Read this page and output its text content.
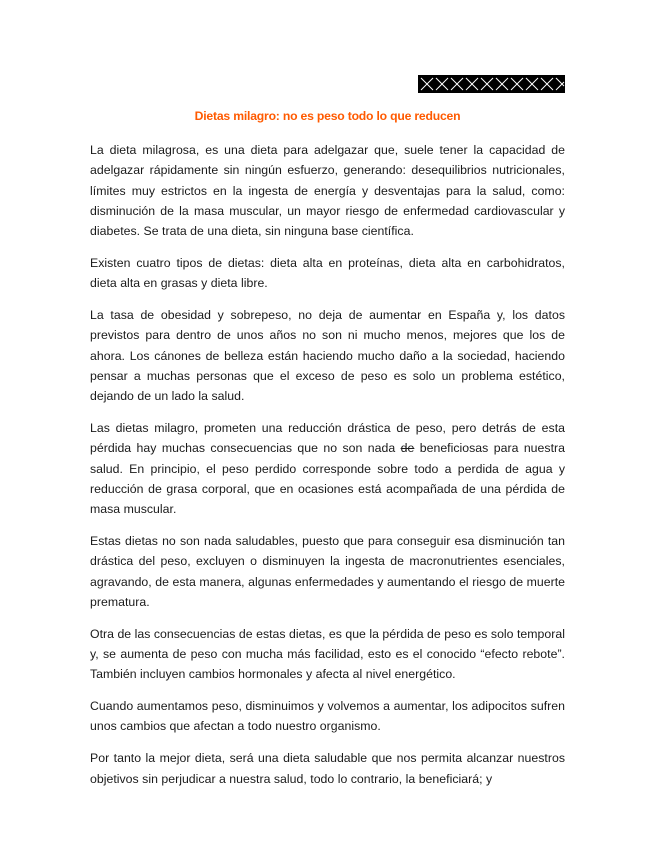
Dietas milagro: no es peso todo lo que reducen

La dieta milagrosa, es una dieta para adelgazar que, suele tener la capacidad de adelgazar rápidamente sin ningún esfuerzo, generando: desequilibrios nutricionales, límites muy estrictos en la ingesta de energía y desventajas para la salud, como: disminución de la masa muscular, un mayor riesgo de enfermedad cardiovascular y diabetes. Se trata de una dieta, sin ninguna base científica.

Existen cuatro tipos de dietas: dieta alta en proteínas, dieta alta en carbohidratos, dieta alta en grasas y dieta libre.

La tasa de obesidad y sobrepeso, no deja de aumentar en España y, los datos previstos para dentro de unos años no son ni mucho menos, mejores que los de ahora. Los cánones de belleza están haciendo mucho daño a la sociedad, haciendo pensar a muchas personas que el exceso de peso es solo un problema estético, dejando de un lado la salud.

Las dietas milagro, prometen una reducción drástica de peso, pero detrás de esta pérdida hay muchas consecuencias que no son nada de beneficiosas para nuestra salud. En principio, el peso perdido corresponde sobre todo a perdida de agua y reducción de grasa corporal, que en ocasiones está acompañada de una pérdida de masa muscular.

Estas dietas no son nada saludables, puesto que para conseguir esa disminución tan drástica del peso, excluyen o disminuyen la ingesta de macronutrientes esenciales, agravando, de esta manera, algunas enfermedades y aumentando el riesgo de muerte prematura.

Otra de las consecuencias de estas dietas, es que la pérdida de peso es solo temporal y, se aumenta de peso con mucha más facilidad, esto es el conocido “efecto rebote”. También incluyen cambios hormonales y afecta al nivel energético.

Cuando aumentamos peso, disminuimos y volvemos a aumentar, los adipocitos sufren unos cambios que afectan a todo nuestro organismo.

Por tanto la mejor dieta, será una dieta saludable que nos permita alcanzar nuestros objetivos sin perjudicar a nuestra salud, todo lo contrario, la beneficiará; y
